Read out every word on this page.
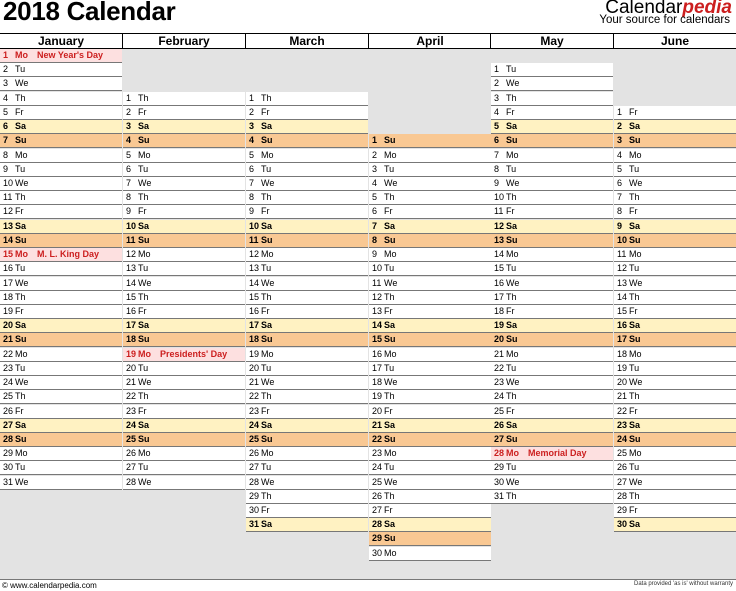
2018 Calendar	Calendarpedia
Your source for calendars
January
1 Mo New Year's Day
2 Tu
3 We
4 Th
5 Fr
6 Sa
7 Su
8 Mo
9 Tu
10 We
11 Th
12 Fr
13 Sa
14 Su
15 Mo M. L. King Day
16 Tu
17 We
18 Th
19 Fr
20 Sa
21 Su
22 Mo
23 Tu
24 We
25 Th
26 Fr
27 Sa
28 Su
29 Mo
30 Tu
31 We
February
1 Th
2 Fr
3 Sa
4 Su
5 Mo
6 Tu
7 We
8 Th
9 Fr
10 Sa
11 Su
12 Mo
13 Tu
14 We
15 Th
16 Fr
17 Sa
18 Su
19 Mo Presidents' Day
20 Tu
21 We
22 Th
23 Fr
24 Sa
25 Su
26 Mo
27 Tu
28 We
March
1 Th
2 Fr
3 Sa
4 Su
5 Mo
6 Tu
7 We
8 Th
9 Fr
10 Sa
11 Su
12 Mo
13 Tu
14 We
15 Th
16 Fr
17 Sa
18 Su
19 Mo
20 Tu
21 We
22 Th
23 Fr
24 Sa
25 Su
26 Mo
27 Tu
28 We
29 Th
30 Fr
31 Sa
April
1 Su
2 Mo
3 Tu
4 We
5 Th
6 Fr
7 Sa
8 Su
9 Mo
10 Tu
11 We
12 Th
13 Fr
14 Sa
15 Su
16 Mo
17 Tu
18 We
19 Th
20 Fr
21 Sa
22 Su
23 Mo
24 Tu
25 We
26 Th
27 Fr
28 Sa
29 Su
30 Mo
May
1 Tu
2 We
3 Th
4 Fr
5 Sa
6 Su
7 Mo
8 Tu
9 We
10 Th
11 Fr
12 Sa
13 Su
14 Mo
15 Tu
16 We
17 Th
18 Fr
19 Sa
20 Su
21 Mo
22 Tu
23 We
24 Th
25 Fr
26 Sa
27 Su
28 Mo Memorial Day
29 Tu
30 We
31 Th
June
1 Fr
2 Sa
3 Su
4 Mo
5 Tu
6 We
7 Th
8 Fr
9 Sa
10 Su
11 Mo
12 Tu
13 We
14 Th
15 Fr
16 Sa
17 Su
18 Mo
19 Tu
20 We
21 Th
22 Fr
23 Sa
24 Su
25 Mo
26 Tu
27 We
28 Th
29 Fr
30 Sa
© www.calendarpedia.com	Data provided 'as is' without warranty
